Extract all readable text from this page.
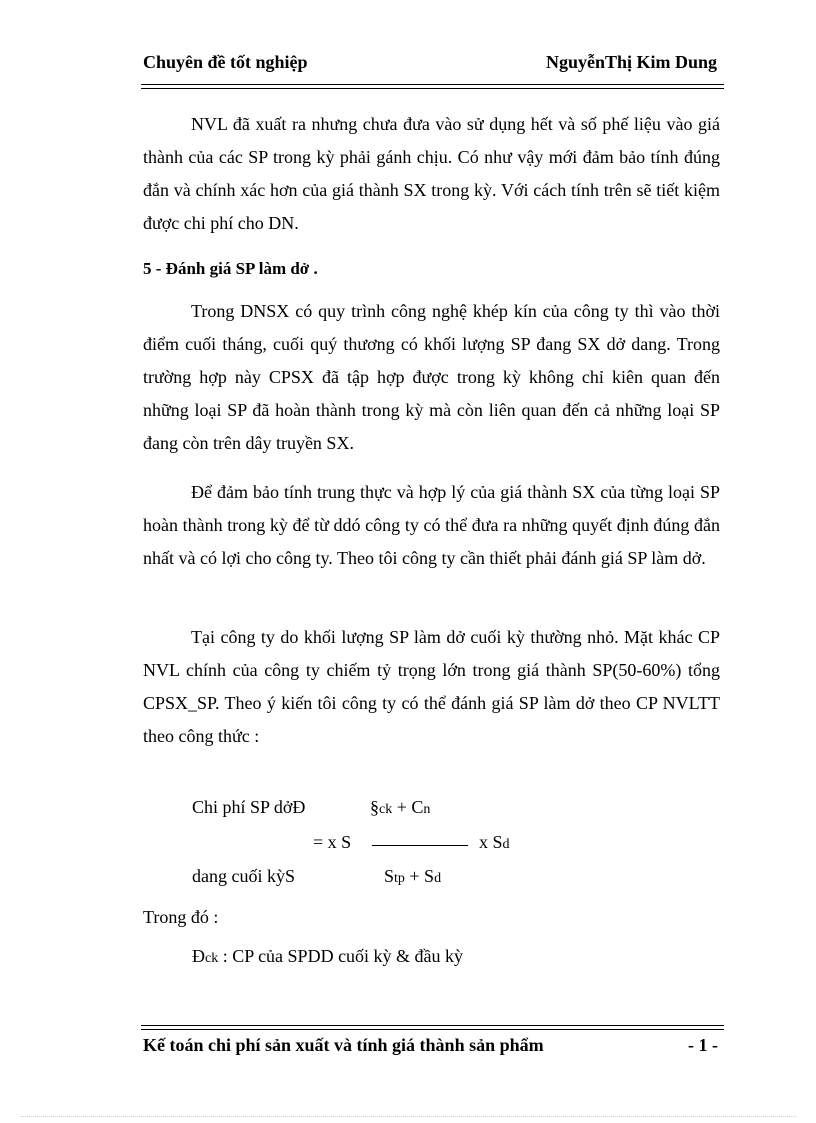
Chuyên đề tốt nghiệp	NguyễnThị Kim Dung

NVL đã xuất ra nhưng chưa đưa vào sử dụng hết và số phế liệu vào giá thành của các SP trong kỳ phải gánh chịu. Có như vậy mới đảm bảo tính đúng đắn và chính xác hơn của giá thành SX trong kỳ. Với cách tính trên sẽ tiết kiệm được chi phí cho DN.

5 - Đánh giá SP làm dở .

Trong DNSX có quy trình công nghệ khép kín của công ty thì vào thời điểm cuối tháng, cuối quý thương có khối lượng SP đang SX dở dang. Trong trường hợp này CPSX đã tập hợp được trong kỳ không chỉ kiên quan đến những loại SP đã hoàn thành trong kỳ mà còn liên quan đến cả những loại SP đang còn trên dây truyền SX.

Để đảm bảo tính trung thực và hợp lý của giá thành SX của từng loại SP hoàn thành trong kỳ để từ ddó công ty có thể đưa ra những quyết định đúng đắn nhất và có lợi cho công ty. Theo tôi công ty cần thiết phải đánh giá SP làm dở.

Tại công ty do khối lượng SP làm dở cuối kỳ thường nhỏ. Mặt khác CP NVL chính của công ty chiếm tỷ trọng lớn trong giá thành SP(50-60%) tổng CPSX_SP. Theo ý kiến tôi công ty có thể đánh giá SP làm dở theo CP NVLTT theo công thức :

Chi phí SP dởĐ
dang cuối kỳS
§ck + Cn
= x S	x Sd
Stp + Sd
Trong đó :
Đck : CP của SPDD cuối kỳ & đầu kỳ
Kế toán chi phí sản xuất và tính giá thành sản phẩm	- 1 -
